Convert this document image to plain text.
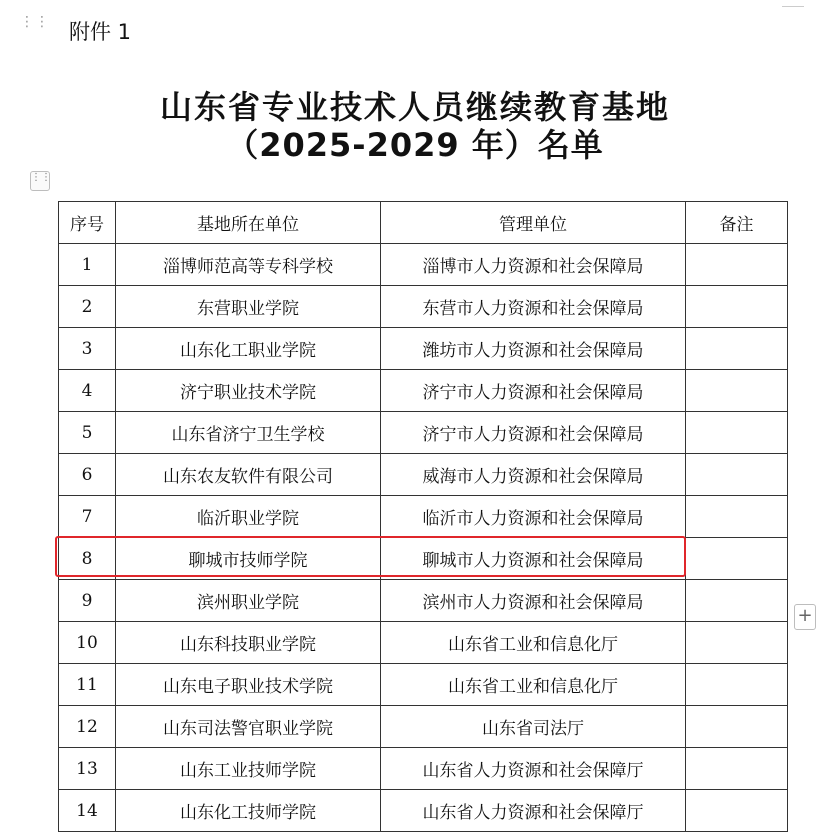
⋮⋮ 附件 1
山东省专业技术人员继续教育基地
（2025-2029 年）名单
⋮⋮
序号	基地所在单位	管理单位	备注
1	淄博师范高等专科学校	淄博市人力资源和社会保障局	
2	东营职业学院	东营市人力资源和社会保障局	
3	山东化工职业学院	潍坊市人力资源和社会保障局	
4	济宁职业技术学院	济宁市人力资源和社会保障局	
5	山东省济宁卫生学校	济宁市人力资源和社会保障局	
6	山东农友软件有限公司	威海市人力资源和社会保障局	
7	临沂职业学院	临沂市人力资源和社会保障局	
8	聊城市技师学院	聊城市人力资源和社会保障局	
9	滨州职业学院	滨州市人力资源和社会保障局	
10	山东科技职业学院	山东省工业和信息化厅	
11	山东电子职业技术学院	山东省工业和信息化厅	
12	山东司法警官职业学院	山东省司法厅	
13	山东工业技师学院	山东省人力资源和社会保障厅	
14	山东化工技师学院	山东省人力资源和社会保障厅	
+
